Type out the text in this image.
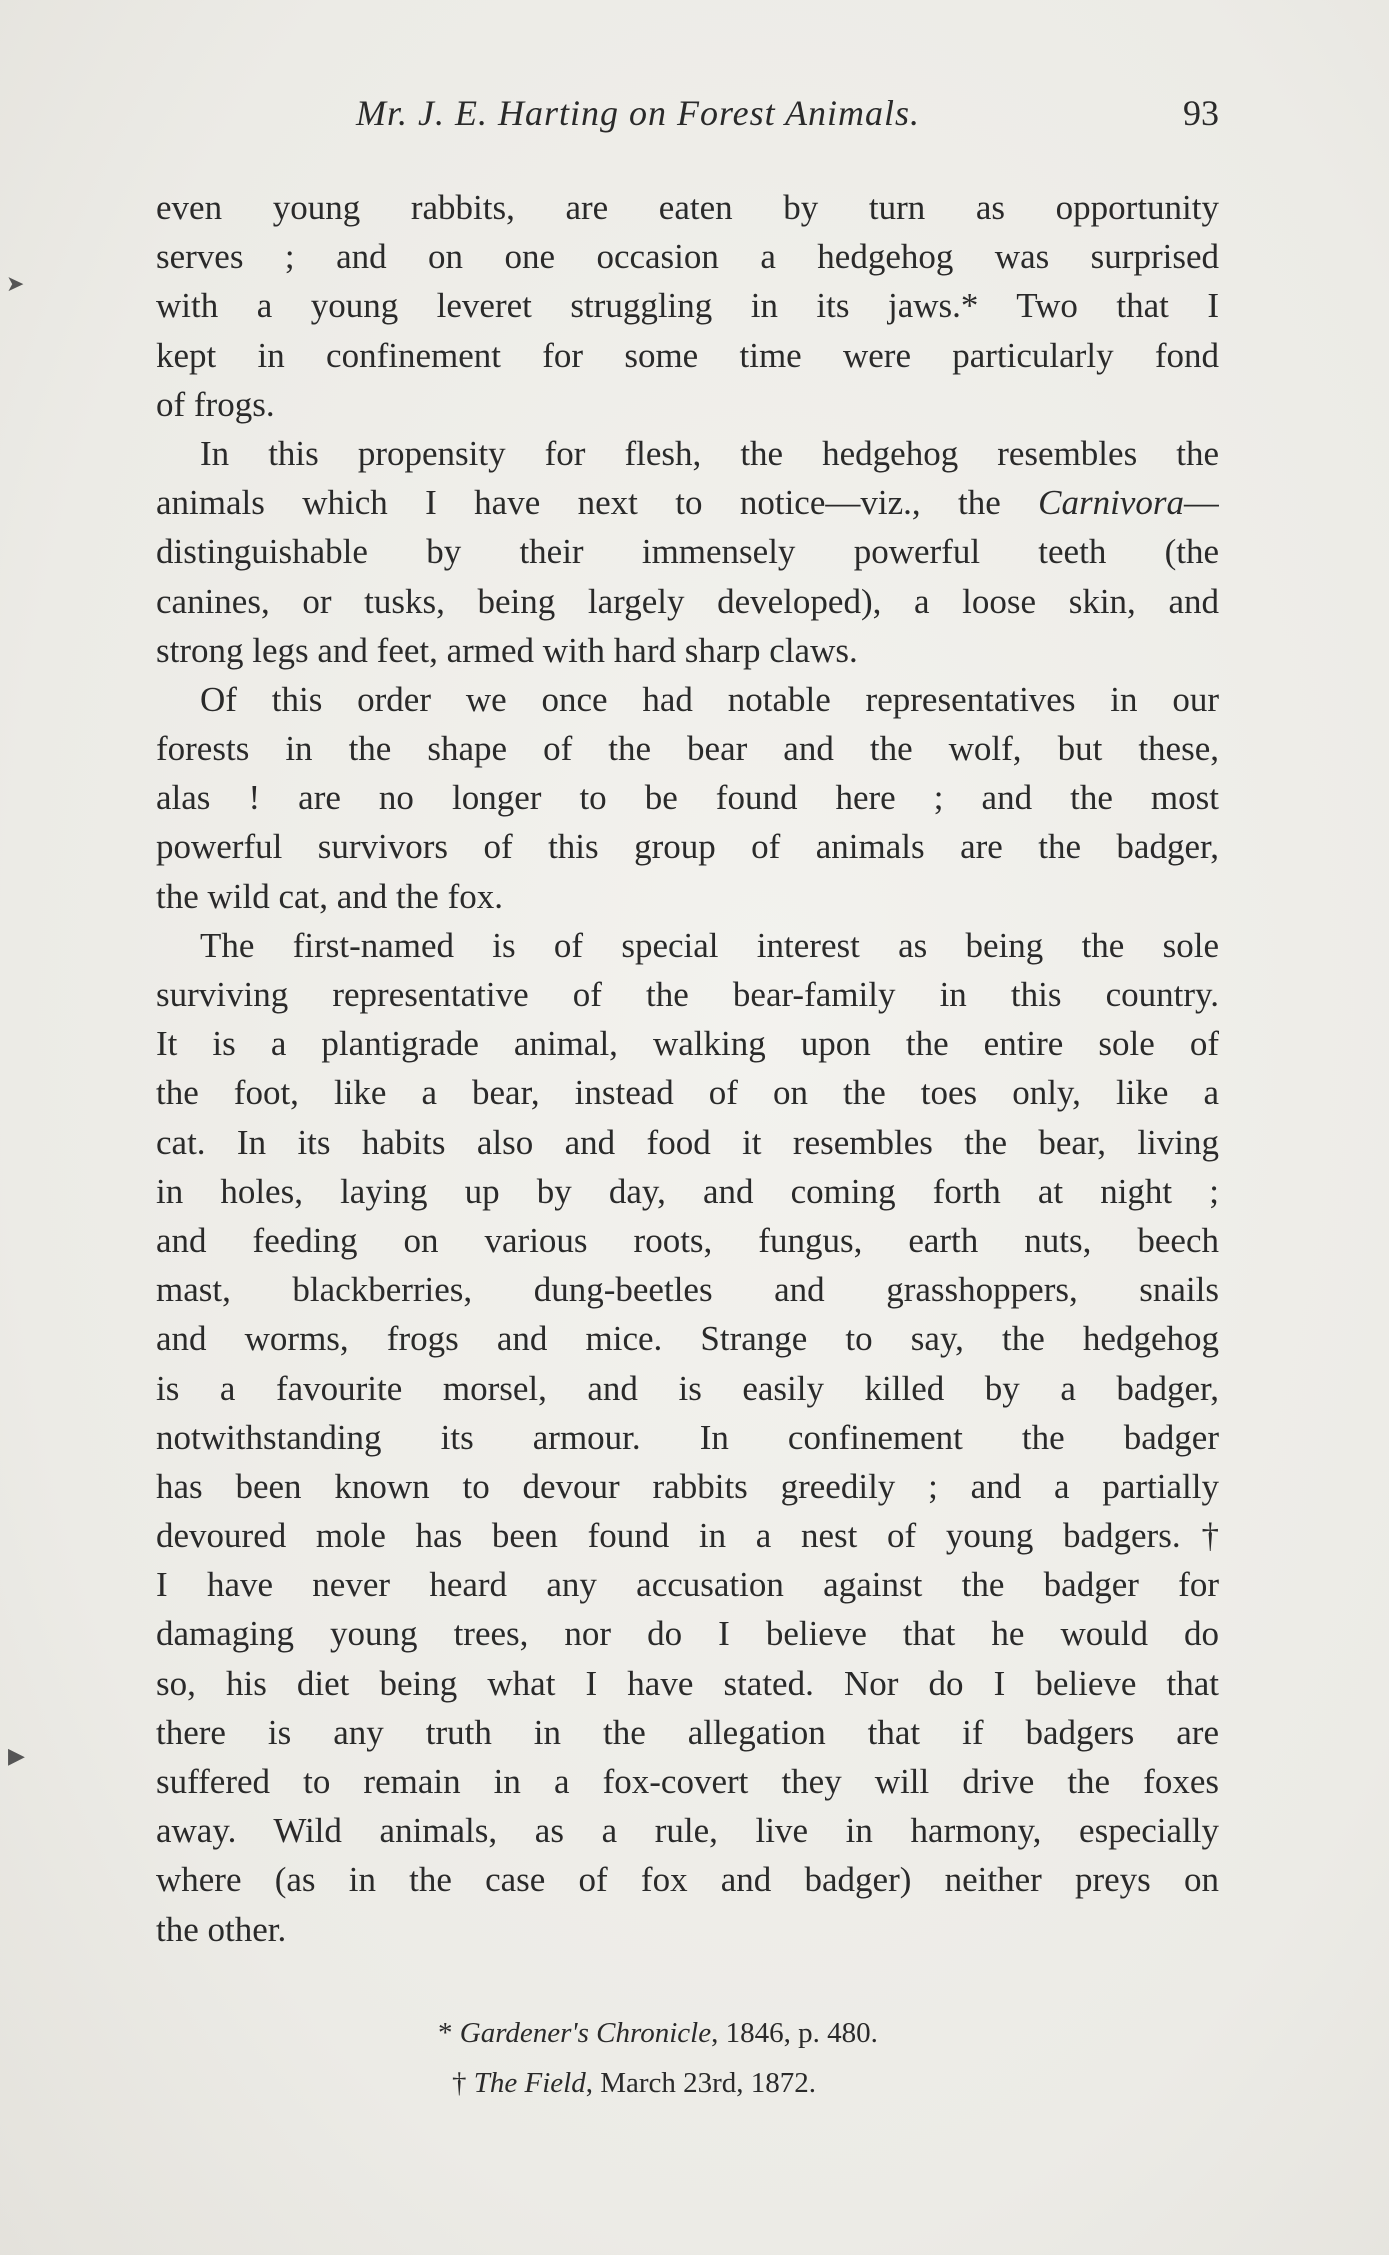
Mr. J. E. Harting on Forest Animals.	93
even young rabbits, are eaten by turn as opportunity
serves ; and on one occasion a hedgehog was surprised
with a young leveret struggling in its jaws.* Two that I
kept in confinement for some time were particularly fond
of frogs.
In this propensity for flesh, the hedgehog resembles the
animals which I have next to notice—viz., the Carnivora—
distinguishable by their immensely powerful teeth (the
canines, or tusks, being largely developed), a loose skin, and
strong legs and feet, armed with hard sharp claws.
Of this order we once had notable representatives in our
forests in the shape of the bear and the wolf, but these,
alas ! are no longer to be found here ; and the most
powerful survivors of this group of animals are the badger,
the wild cat, and the fox.
The first-named is of special interest as being the sole
surviving representative of the bear-family in this country.
It is a plantigrade animal, walking upon the entire sole of
the foot, like a bear, instead of on the toes only, like a
cat. In its habits also and food it resembles the bear, living
in holes, laying up by day, and coming forth at night ;
and feeding on various roots, fungus, earth nuts, beech
mast, blackberries, dung-beetles and grasshoppers, snails
and worms, frogs and mice. Strange to say, the hedgehog
is a favourite morsel, and is easily killed by a badger,
notwithstanding its armour. In confinement the badger
has been known to devour rabbits greedily ; and a partially
devoured mole has been found in a nest of young badgers.†
I have never heard any accusation against the badger for
damaging young trees, nor do I believe that he would do
so, his diet being what I have stated. Nor do I believe that
there is any truth in the allegation that if badgers are
suffered to remain in a fox-covert they will drive the foxes
away. Wild animals, as a rule, live in harmony, especially
where (as in the case of fox and badger) neither preys on
the other.
* Gardener's Chronicle, 1846, p. 480.
† The Field, March 23rd, 1872.
➤
▶
